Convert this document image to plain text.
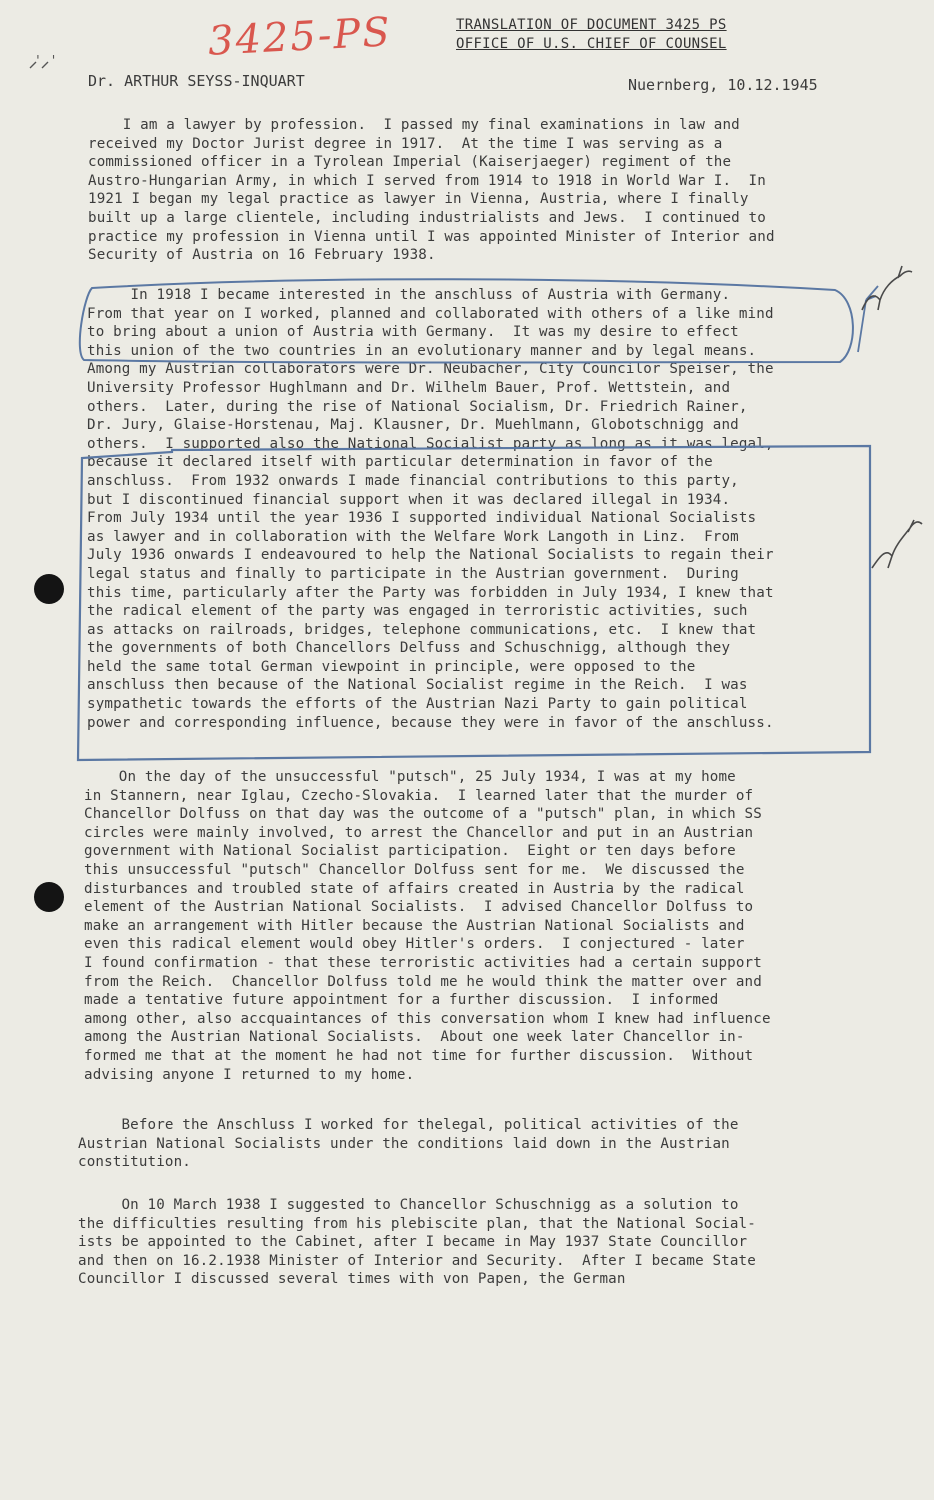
3425-PS	TRANSLATION OF DOCUMENT 3425 PS
OFFICE OF U.S. CHIEF OF COUNSEL
' '
Dr. ARTHUR SEYSS-INQUART	Nuernberg, 10.12.1945
I am a lawyer by profession.  I passed my final examinations in law and
received my Doctor Jurist degree in 1917.  At the time I was serving as a
commissioned officer in a Tyrolean Imperial (Kaiserjaeger) regiment of the
Austro-Hungarian Army, in which I served from 1914 to 1918 in World War I.  In
1921 I began my legal practice as lawyer in Vienna, Austria, where I finally
built up a large clientele, including industrialists and Jews.  I continued to
practice my profession in Vienna until I was appointed Minister of Interior and
Security of Austria on 16 February 1938.
In 1918 I became interested in the anschluss of Austria with Germany.
From that year on I worked, planned and collaborated with others of a like mind
to bring about a union of Austria with Germany.  It was my desire to effect
this union of the two countries in an evolutionary manner and by legal means.
Among my Austrian collaborators were Dr. Neubacher, City Councilor Speiser, the
University Professor Hughlmann and Dr. Wilhelm Bauer, Prof. Wettstein, and
others.  Later, during the rise of National Socialism, Dr. Friedrich Rainer,
Dr. Jury, Glaise-Horstenau, Maj. Klausner, Dr. Muehlmann, Globotschnigg and
others.  I supported also the National Socialist party as long as it was legal,
because it declared itself with particular determination in favor of the
anschluss.  From 1932 onwards I made financial contributions to this party,
but I discontinued financial support when it was declared illegal in 1934.
From July 1934 until the year 1936 I supported individual National Socialists
as lawyer and in collaboration with the Welfare Work Langoth in Linz.  From
July 1936 onwards I endeavoured to help the National Socialists to regain their
legal status and finally to participate in the Austrian government.  During
this time, particularly after the Party was forbidden in July 1934, I knew that
the radical element of the party was engaged in terroristic activities, such
as attacks on railroads, bridges, telephone communications, etc.  I knew that
the governments of both Chancellors Delfuss and Schuschnigg, although they
held the same total German viewpoint in principle, were opposed to the
anschluss then because of the National Socialist regime in the Reich.  I was
sympathetic towards the efforts of the Austrian Nazi Party to gain political
power and corresponding influence, because they were in favor of the anschluss.
On the day of the unsuccessful "putsch", 25 July 1934, I was at my home
in Stannern, near Iglau, Czecho-Slovakia.  I learned later that the murder of
Chancellor Dolfuss on that day was the outcome of a "putsch" plan, in which SS
circles were mainly involved, to arrest the Chancellor and put in an Austrian
government with National Socialist participation.  Eight or ten days before
this unsuccessful "putsch" Chancellor Dolfuss sent for me.  We discussed the
disturbances and troubled state of affairs created in Austria by the radical
element of the Austrian National Socialists.  I advised Chancellor Dolfuss to
make an arrangement with Hitler because the Austrian National Socialists and
even this radical element would obey Hitler's orders.  I conjectured - later
I found confirmation - that these terroristic activities had a certain support
from the Reich.  Chancellor Dolfuss told me he would think the matter over and
made a tentative future appointment for a further discussion.  I informed
among other, also accquaintances of this conversation whom I knew had influence
among the Austrian National Socialists.  About one week later Chancellor in-
formed me that at the moment he had not time for further discussion.  Without
advising anyone I returned to my home.
Before the Anschluss I worked for thelegal, political activities of the
Austrian National Socialists under the conditions laid down in the Austrian
constitution.
On 10 March 1938 I suggested to Chancellor Schuschnigg as a solution to
the difficulties resulting from his plebiscite plan, that the National Social-
ists be appointed to the Cabinet, after I became in May 1937 State Councillor
and then on 16.2.1938 Minister of Interior and Security.  After I became State
Councillor I discussed several times with von Papen, the German
